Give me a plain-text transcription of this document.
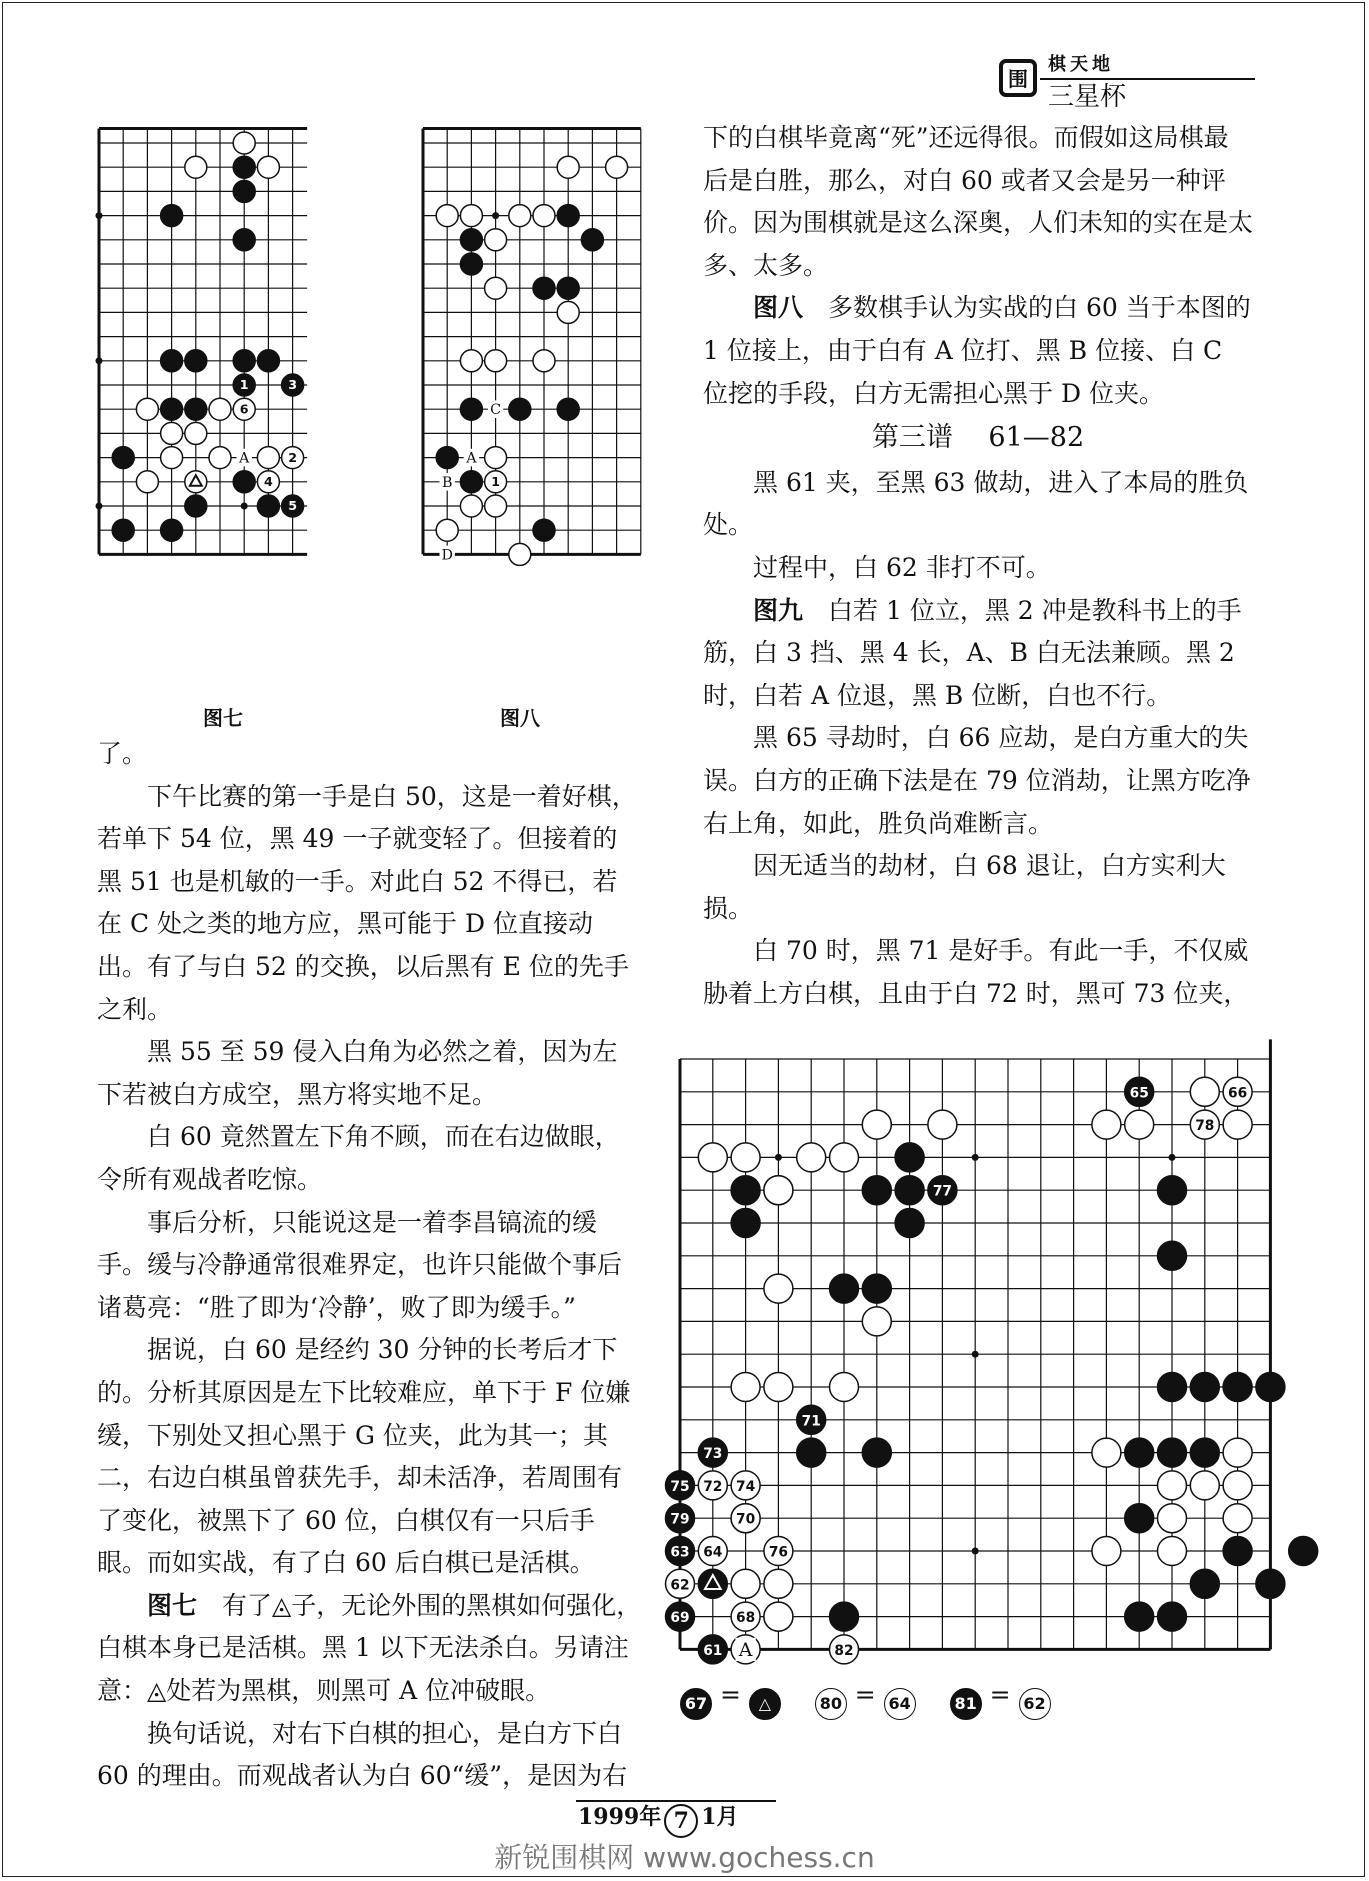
围
棋天地
三星杯
1	3
5
6
2
4
A
1
C
A
B
D
65
78
66
77
71
73
72 74
75
79	70
63 64	76
62
69	68
61	82
A
图七	图八

了。

下午比赛的第一手是白 50，这是一着好棋，若单下 54 位，黑 49 一子就变轻了。但接着的黑 51 也是机敏的一手。对此白 52 不得已，若在 C 处之类的地方应，黑可能于 D 位直接动出。有了与白 52 的交换，以后黑有 E 位的先手之利。

黑 55 至 59 侵入白角为必然之着，因为左下若被白方成空，黑方将实地不足。

白 60 竟然置左下角不顾，而在右边做眼，令所有观战者吃惊。

事后分析，只能说这是一着李昌镐流的缓手。缓与冷静通常很难界定，也许只能做个事后诸葛亮：“胜了即为‘冷静’，败了即为缓手。”

据说，白 60 是经约 30 分钟的长考后才下的。分析其原因是左下比较难应，单下于 F 位嫌缓，下别处又担心黑于 G 位夹，此为其一；其二，右边白棋虽曾获先手，却未活净，若周围有了变化，被黑下了 60 位，白棋仅有一只后手眼。而如实战，有了白 60 后白棋已是活棋。

图七　 有了◬子，无论外围的黑棋如何强化，白棋本身已是活棋。黑 1 以下无法杀白。另请注意：◬处若为黑棋，则黑可 A 位冲破眼。

换句话说，对右下白棋的担心，是白方下白 60 的理由。而观战者认为白 60“缓”，是因为右

下的白棋毕竟离“死”还远得很。而假如这局棋最后是白胜，那么，对白 60 或者又会是另一种评价。因为围棋就是这么深奥，人们未知的实在是太多、太多。

图八　 多数棋手认为实战的白 60 当于本图的 1 位接上，由于白有 A 位打、黑 B 位接、白 C 位挖的手段，白方无需担心黑于 D 位夹。

第三谱　 61—82

黑 61 夹，至黑 63 做劫，进入了本局的胜负处。

过程中，白 62 非打不可。

图九　 白若 1 位立，黑 2 冲是教科书上的手筋，白 3 挡、黑 4 长，A、B 白无法兼顾。黑 2 时，白若 A 位退，黑 B 位断，白也不行。

黑 65 寻劫时，白 66 应劫，是白方重大的失误。白方的正确下法是在 79 位消劫，让黑方吃净右上角，如此，胜负尚难断言。

因无适当的劫材，白 68 退让，白方实利大损。

白 70 时，黑 71 是好手。有此一手，不仅威胁着上方白棋，且由于白 72 时，黑可 73 位夹，

67 = △	80 = 64	81 = 62
1999年 7 1月
新锐围棋网 www.gochess.cn
